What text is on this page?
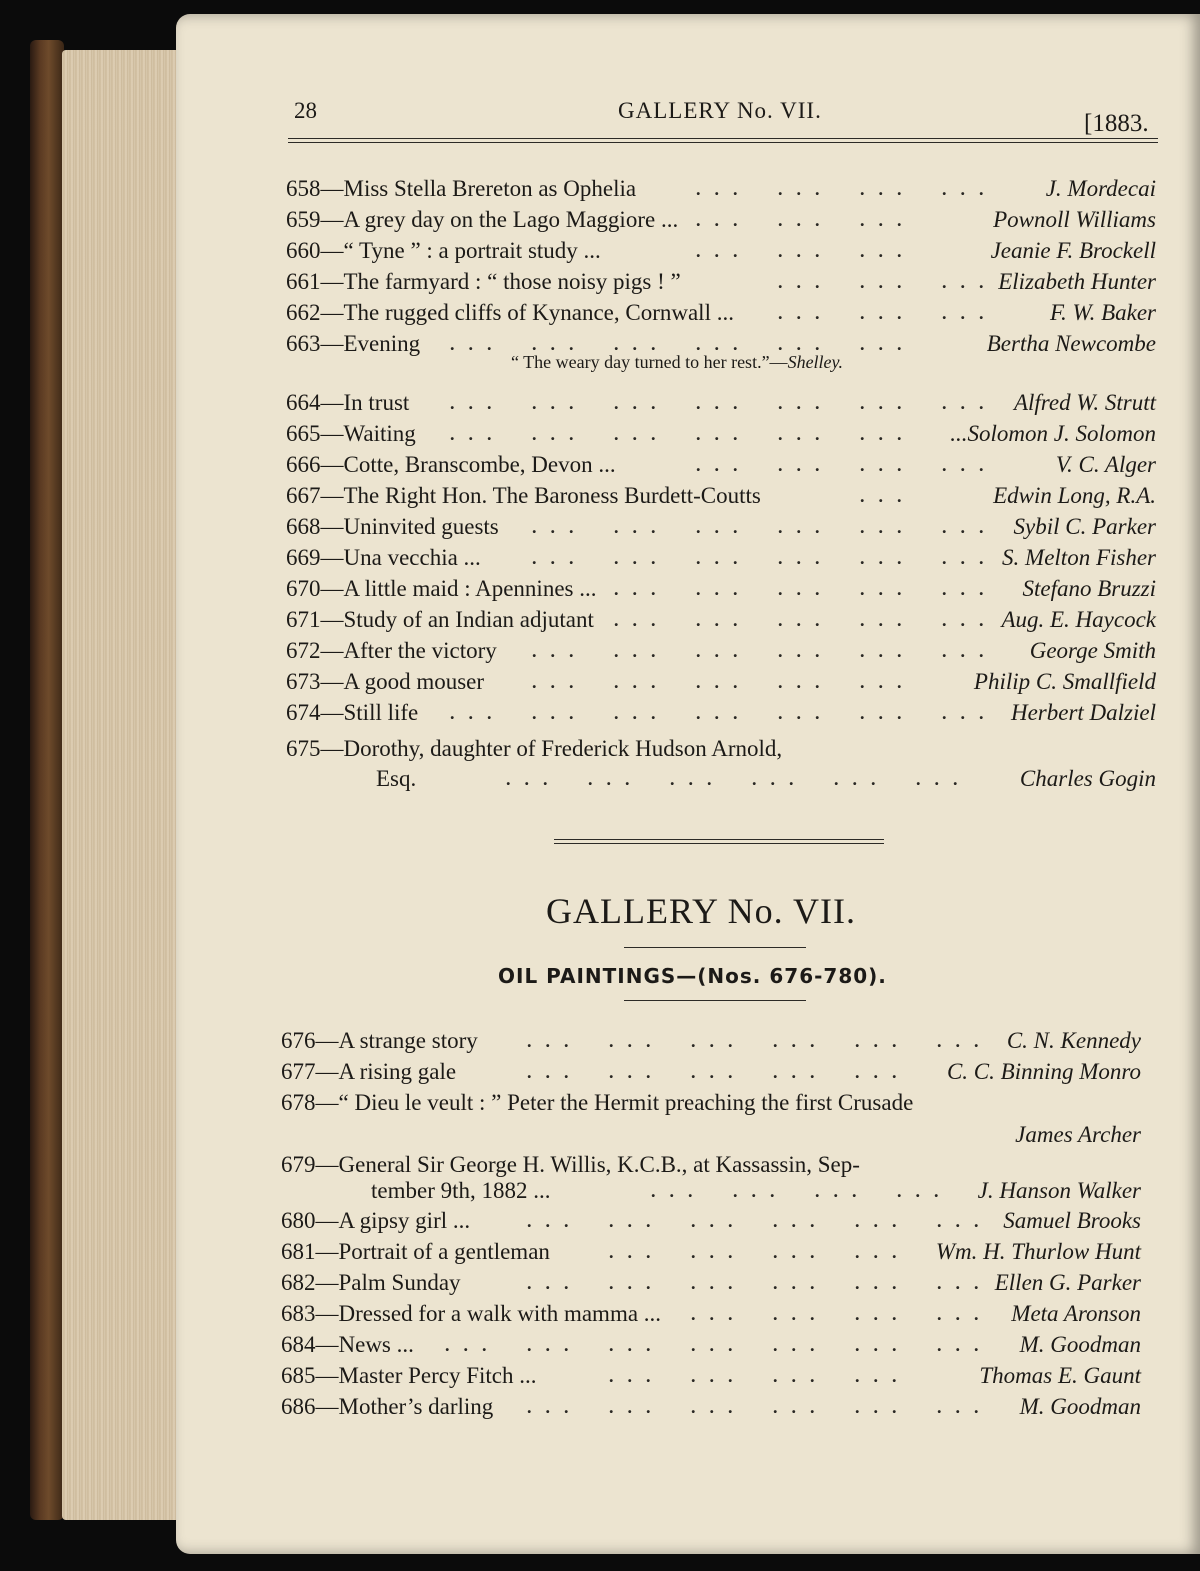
28	GALLERY No. VII.	[1883.
658—Miss Stella Brereton as Ophelia	J. Mordecai
... ... ... ...
659—A grey day on the Lago Maggiore ...	Pownoll Williams
... ... ...
660—“ Tyne ” : a portrait study ...	Jeanie F. Brockell
... ... ...
661—The farmyard : “ those noisy pigs ! ”	Elizabeth Hunter
... ... ...
662—The rugged cliffs of Kynance, Cornwall ...	F. W. Baker
... ... ...
663—Evening	Bertha Newcombe
... ... ... ... ... ...
664—In trust	Alfred W. Strutt
... ... ... ... ... ... ...
665—Waiting	...Solomon J. Solomon
... ... ... ... ... ...
666—Cotte, Branscombe, Devon ...	V. C. Alger
... ... ... ...
667—The Right Hon. The Baroness Burdett-Coutts	Edwin Long, R.A.
...
668—Uninvited guests	Sybil C. Parker
... ... ... ... ... ...
669—Una vecchia ...	S. Melton Fisher
... ... ... ... ... ...
670—A little maid : Apennines ...	Stefano Bruzzi
... ... ... ... ...
671—Study of an Indian adjutant	Aug. E. Haycock
... ... ... ... ...
672—After the victory	George Smith
... ... ... ... ... ...
673—A good mouser	Philip C. Smallfield
... ... ... ... ...
674—Still life	Herbert Dalziel
... ... ... ... ... ... ...
“ The weary day turned to her rest.”—Shelley.
675—Dorothy, daughter of Frederick Hudson Arnold,
Esq.	... ... ... ... ... ... Charles Gogin
GALLERY No. VII.
OIL PAINTINGS—(Nos. 676-780).
676—A strange story	C. N. Kennedy
... ... ... ... ... ...
677—A rising gale	C. C. Binning Monro
... ... ... ... ...
678—“ Dieu le veult : ” Peter the Hermit preaching the first Crusade
James Archer
679—General Sir George H. Willis, K.C.B., at Kassassin, Sep-
tember 9th, 1882 ...	... ... ... ... J. Hanson Walker
680—A gipsy girl ...	Samuel Brooks
... ... ... ... ... ...
681—Portrait of a gentleman	Wm. H. Thurlow Hunt
... ... ... ...
682—Palm Sunday	Ellen G. Parker
... ... ... ... ... ...
683—Dressed for a walk with mamma ...	Meta Aronson
... ... ... ...
684—News ...	M. Goodman
... ... ... ... ... ... ...
685—Master Percy Fitch ...	Thomas E. Gaunt
... ... ... ...
686—Mother’s darling	M. Goodman
... ... ... ... ... ...
